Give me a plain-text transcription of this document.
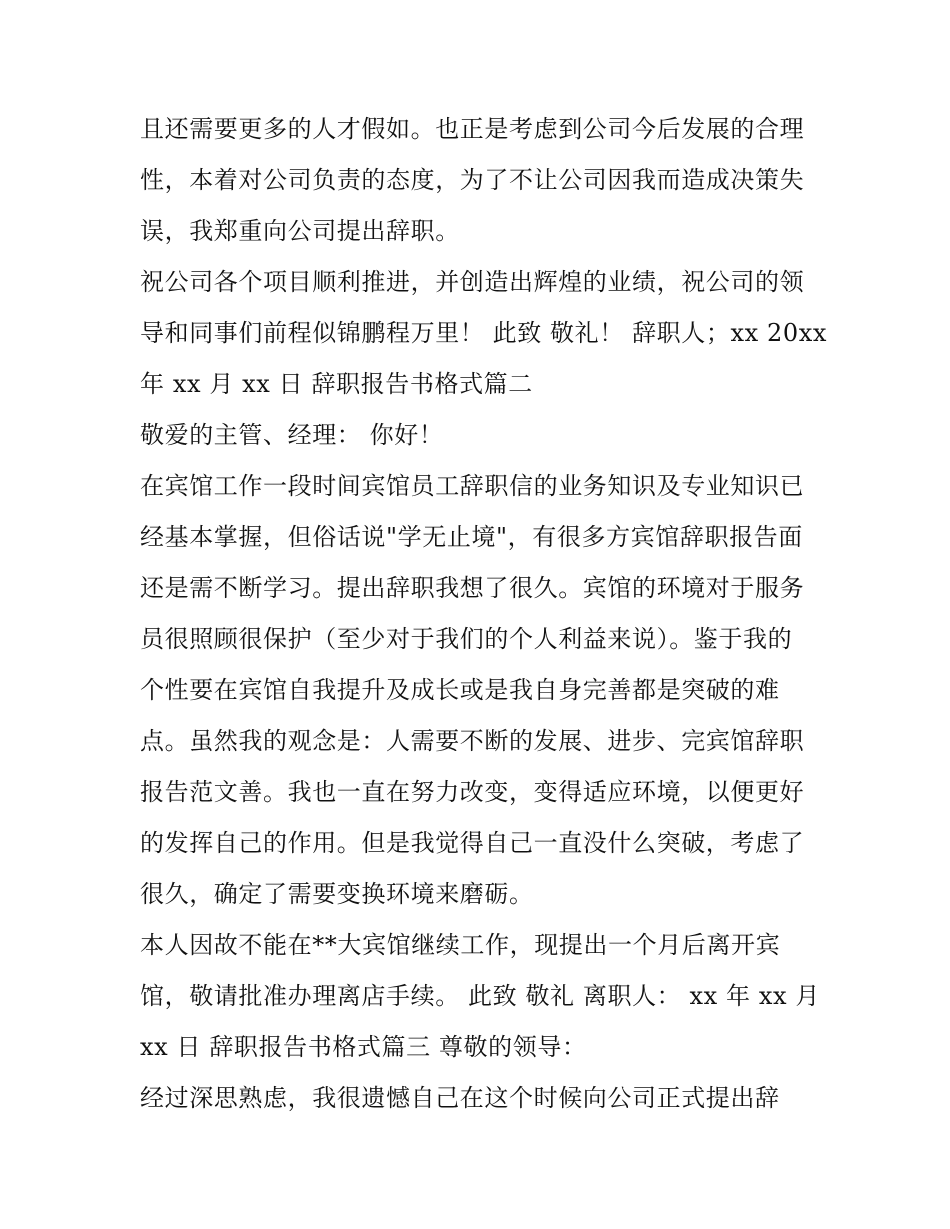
且还需要更多的人才假如。也正是考虑到公司今后发展的合理
性，本着对公司负责的态度，为了不让公司因我而造成决策失
误，我郑重向公司提出辞职。

祝公司各个项目顺利推进，并创造出辉煌的业绩，祝公司的领
导和同事们前程似锦鹏程万里！ 此致 敬礼！ 辞职人；xx 20xx
年 xx 月 xx 日 辞职报告书格式篇二

敬爱的主管、经理： 你好！

在宾馆工作一段时间宾馆员工辞职信的业务知识及专业知识已
经基本掌握，但俗话说"学无止境"，有很多方宾馆辞职报告面
还是需不断学习。提出辞职我想了很久。宾馆的环境对于服务
员很照顾很保护（至少对于我们的个人利益来说）。鉴于我的
个性要在宾馆自我提升及成长或是我自身完善都是突破的难
点。虽然我的观念是：人需要不断的发展、进步、完宾馆辞职
报告范文善。我也一直在努力改变，变得适应环境，以便更好
的发挥自己的作用。但是我觉得自己一直没什么突破，考虑了
很久，确定了需要变换环境来磨砺。

本人因故不能在**大宾馆继续工作，现提出一个月后离开宾
馆，敬请批准办理离店手续。 此致 敬礼 离职人： xx 年 xx 月
xx 日 辞职报告书格式篇三 尊敬的领导：

经过深思熟虑，我很遗憾自己在这个时候向公司正式提出辞
